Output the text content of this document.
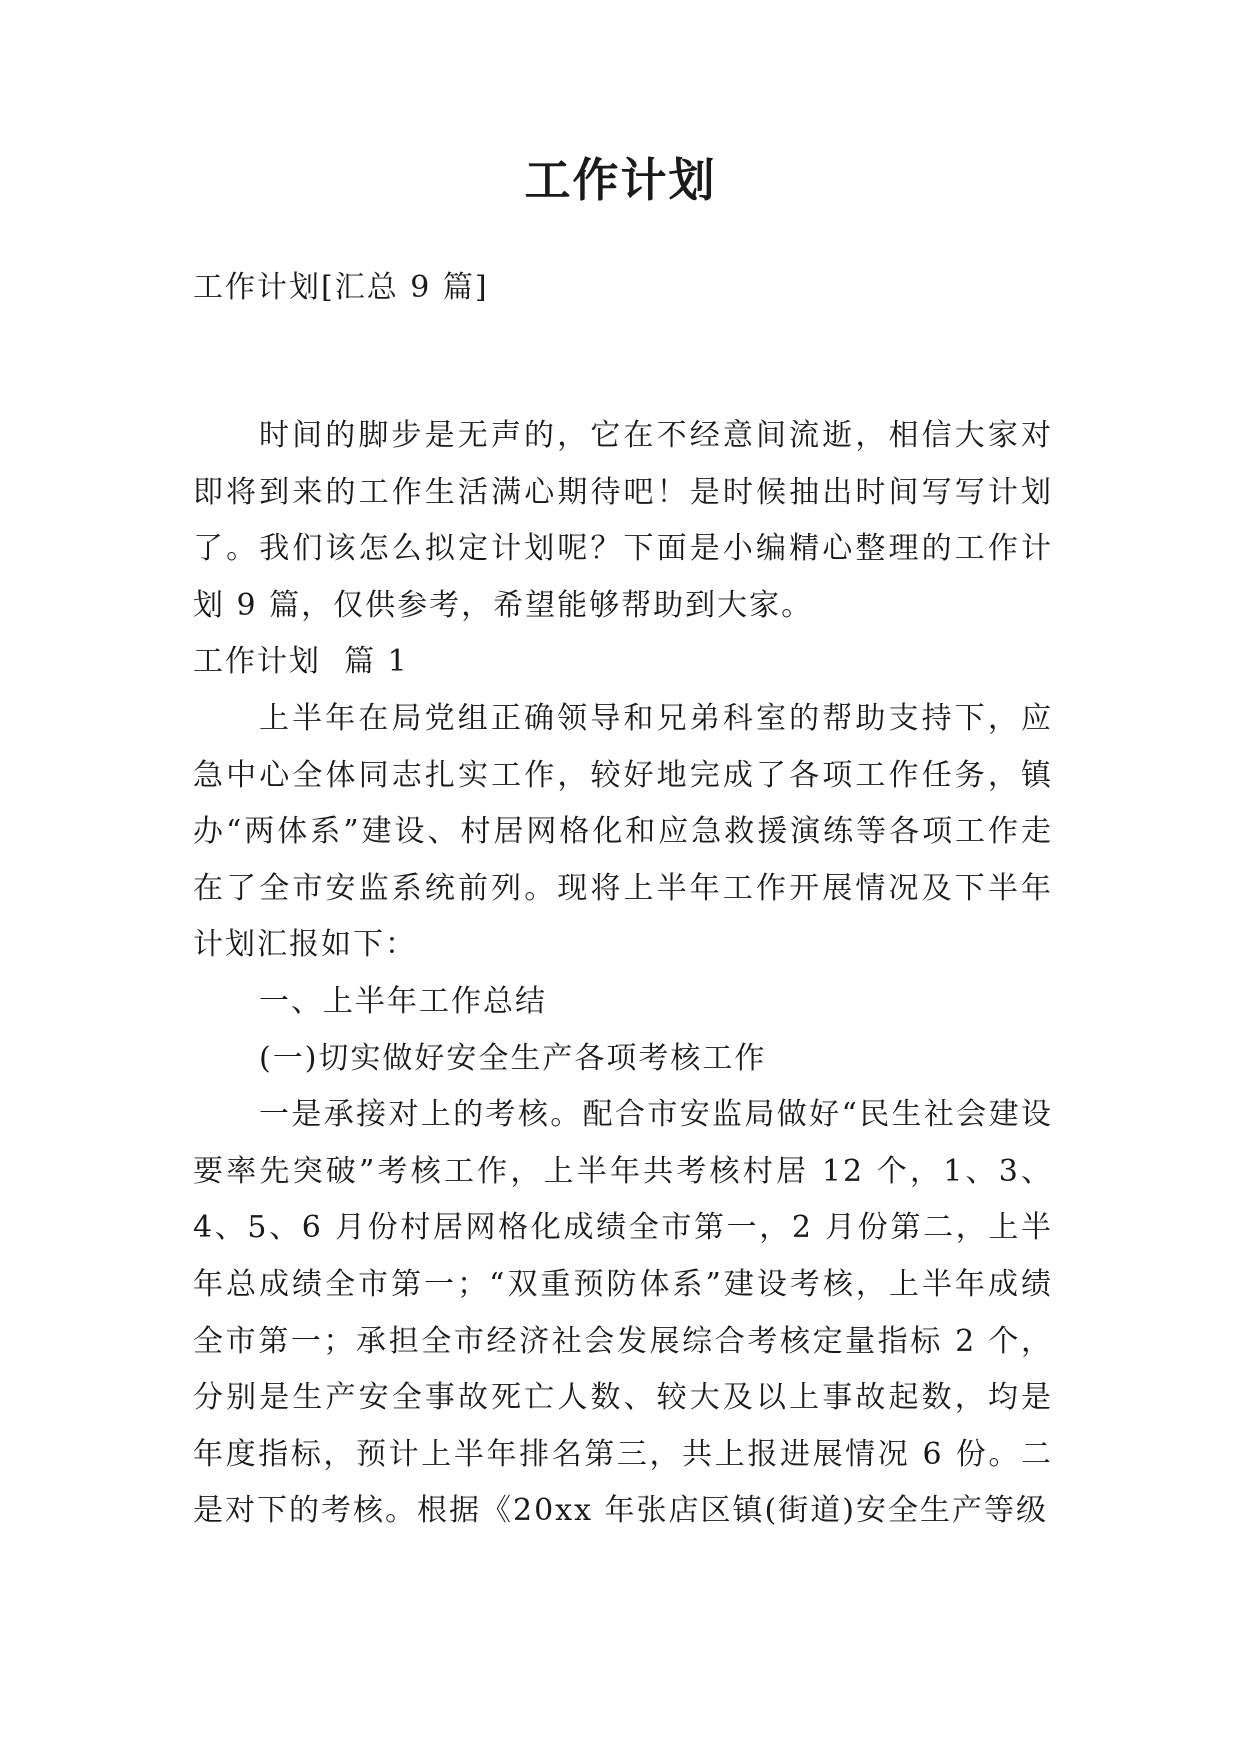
工作计划
工作计划[汇总 9 篇]

时间的脚步是无声的，它在不经意间流逝，相信大家对即将到来的工作生活满心期待吧！是时候抽出时间写写计划了。我们该怎么拟定计划呢？下面是小编精心整理的工作计划 9 篇，仅供参考，希望能够帮助到大家。

工作计划  篇 1

上半年在局党组正确领导和兄弟科室的帮助支持下，应急中心全体同志扎实工作，较好地完成了各项工作任务，镇办“两体系”建设、村居网格化和应急救援演练等各项工作走在了全市安监系统前列。现将上半年工作开展情况及下半年计划汇报如下：

一、上半年工作总结

(一)切实做好安全生产各项考核工作

一是承接对上的考核。配合市安监局做好“民生社会建设要率先突破”考核工作，上半年共考核村居 12 个，1、3、4、5、6 月份村居网格化成绩全市第一，2 月份第二，上半年总成绩全市第一；“双重预防体系”建设考核，上半年成绩全市第一；承担全市经济社会发展综合考核定量指标 2 个，分别是生产安全事故死亡人数、较大及以上事故起数，均是年度指标，预计上半年排名第三，共上报进展情况 6 份。二是对下的考核。根据《20xx 年张店区镇(街道)安全生产等级
